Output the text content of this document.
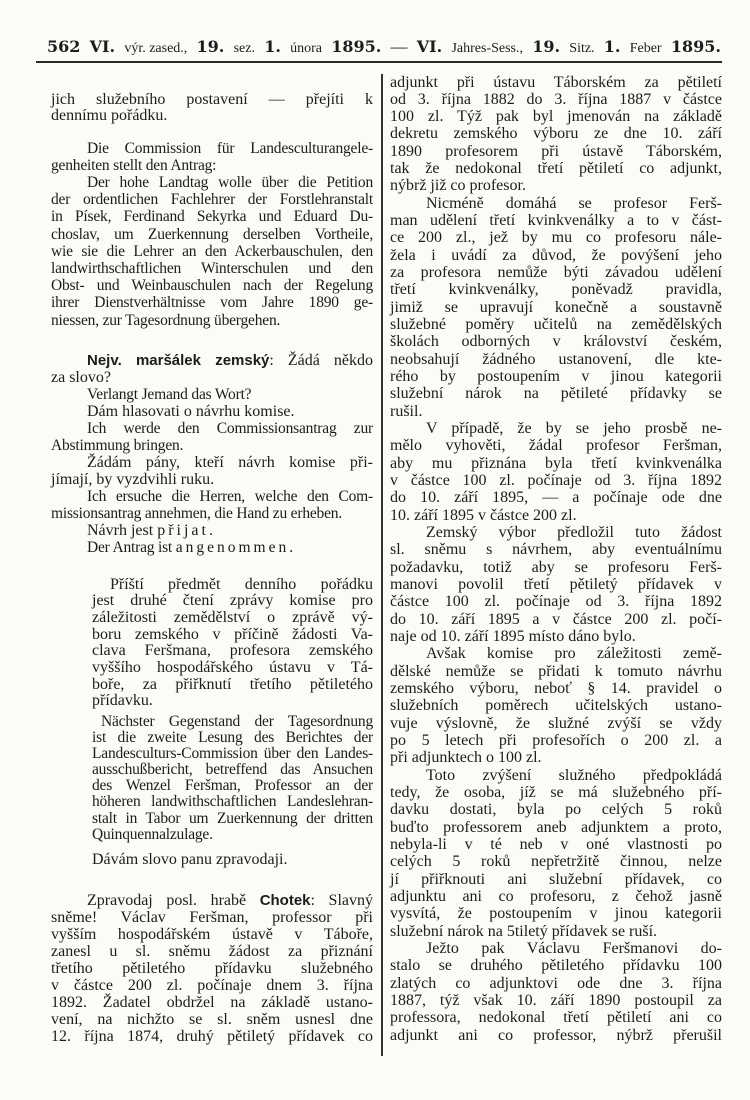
562 VI. výr. zased., 19. sez. 1. února 1895. — VI. Jahres-Sess., 19. Sitz. 1. Feber 1895.
jich služebního postavení — přejíti k
dennímu pořádku.
Die Commission für Landesculturangele-
genheiten stellt den Antrag:
Der hohe Landtag wolle über die Petition
der ordentlichen Fachlehrer der Forstlehranstalt
in Písek, Ferdinand Sekyrka und Eduard Du-
choslav, um Zuerkennung derselben Vortheile,
wie sie die Lehrer an den Ackerbauschulen, den
landwirthschaftlichen Winterschulen und den
Obst- und Weinbauschulen nach der Regelung
ihrer Dienstverhältnisse vom Jahre 1890 ge-
niessen, zur Tagesordnung übergehen.
Nejv. maršálek zemský: Žádá někdo
za slovo?
Verlangt Jemand das Wort?
Dám hlasovati o návrhu komise.
Ich werde den Commissionsantrag zur
Abstimmung bringen.
Žádám pány, kteří návrh komise při-
jímají, by vyzdvihli ruku.
Ich ersuche die Herren, welche den Com-
missionsantrag annehmen, die Hand zu erheben.
Návrh jest přijat.
Der Antrag ist angenommen.
Příští předmět denního pořádku
jest druhé čtení zprávy komise pro
záležitosti zemědělství o zprávě vý-
boru zemského v příčině žádosti Va-
clava Feršmana, profesora zemského
vyššího hospodářského ústavu v Tá-
boře, za přiřknutí třetího pětiletého
přídavku.
Nächster Gegenstand der Tagesordnung
ist die zweite Lesung des Berichtes der
Landesculturs-Commission über den Landes-
ausschußbericht, betreffend das Ansuchen
des Wenzel Feršman, Professor an der
höheren landwithschaftlichen Landeslehran-
stalt in Tabor um Zuerkennung der dritten
Quinquennalzulage.
Dávám slovo panu zpravodaji.
Zpravodaj posl. hrabě Chotek: Slavný
sněme! Václav Feršman, professor při
vyšším hospodářském ústavě v Táboře,
zanesl u sl. sněmu žádost za přiznání
třetího pětiletého přídavku služebného
v částce 200 zl. počínaje dnem 3. října
1892. Žadatel obdržel na základě ustano-
vení, na nichžto se sl. sněm usnesl dne
12. října 1874, druhý pětiletý přídavek co
adjunkt při ústavu Táborském za pětiletí
od 3. října 1882 do 3. října 1887 v částce
100 zl. Týž pak byl jmenován na základě
dekretu zemského výboru ze dne 10. září
1890 profesorem při ústavě Táborském,
tak že nedokonal třetí pětiletí co adjunkt,
nýbrž již co profesor.
Nicméně domáhá se profesor Ferš-
man udělení třetí kvinkvenálky a to v část-
ce 200 zl., jež by mu co profesoru nále-
žela i uvádí za důvod, že povýšení jeho
za profesora nemůže býti závadou udělení
třetí kvinkvenálky, poněvadž pravidla,
jimiž se upravují konečně a soustavně
služebné poměry učitelů na zemědělských
školách odborných v království českém,
neobsahují žádného ustanovení, dle kte-
rého by postoupením v jinou kategorii
služební nárok na pětileté přídavky se
rušil.
V případě, že by se jeho prosbě ne-
mělo vyhověti, žádal profesor Feršman,
aby mu přiznána byla třetí kvinkvenálka
v částce 100 zl. počínaje od 3. října 1892
do 10. září 1895, — a počínaje ode dne
10. září 1895 v částce 200 zl.
Zemský výbor předložil tuto žádost
sl. sněmu s návrhem, aby eventuálnímu
požadavku, totiž aby se profesoru Ferš-
manovi povolil třetí pětiletý přídavek v
částce 100 zl. počínaje od 3. října 1892
do 10. září 1895 a v částce 200 zl. počí-
naje od 10. září 1895 místo dáno bylo.
Avšak komise pro záležitosti země-
dělské nemůže se přidati k tomuto návrhu
zemského výboru, neboť § 14. pravidel o
služebních poměrech učitelských ustano-
vuje výslovně, že služné zvýší se vždy
po 5 letech při profesořích o 200 zl. a
při adjunktech o 100 zl.
Toto zvýšení služného předpokládá
tedy, že osoba, jíž se má služebného pří-
davku dostati, byla po celých 5 roků
buďto professorem aneb adjunktem a proto,
nebyla-li v té neb v oné vlastnosti po
celých 5 roků nepřetržitě činnou, nelze
jí přiřknouti ani služební přídavek, co
adjunktu ani co profesoru, z čehož jasně
vysvítá, že postoupením v jinou kategorii
služební nárok na 5tiletý přídavek se ruší.
Ježto pak Václavu Feršmanovi do-
stalo se druhého pětiletého přídavku 100
zlatých co adjunktovi ode dne 3. října
1887, týž však 10. září 1890 postoupil za
professora, nedokonal třetí pětiletí ani co
adjunkt ani co professor, nýbrž přerušil
